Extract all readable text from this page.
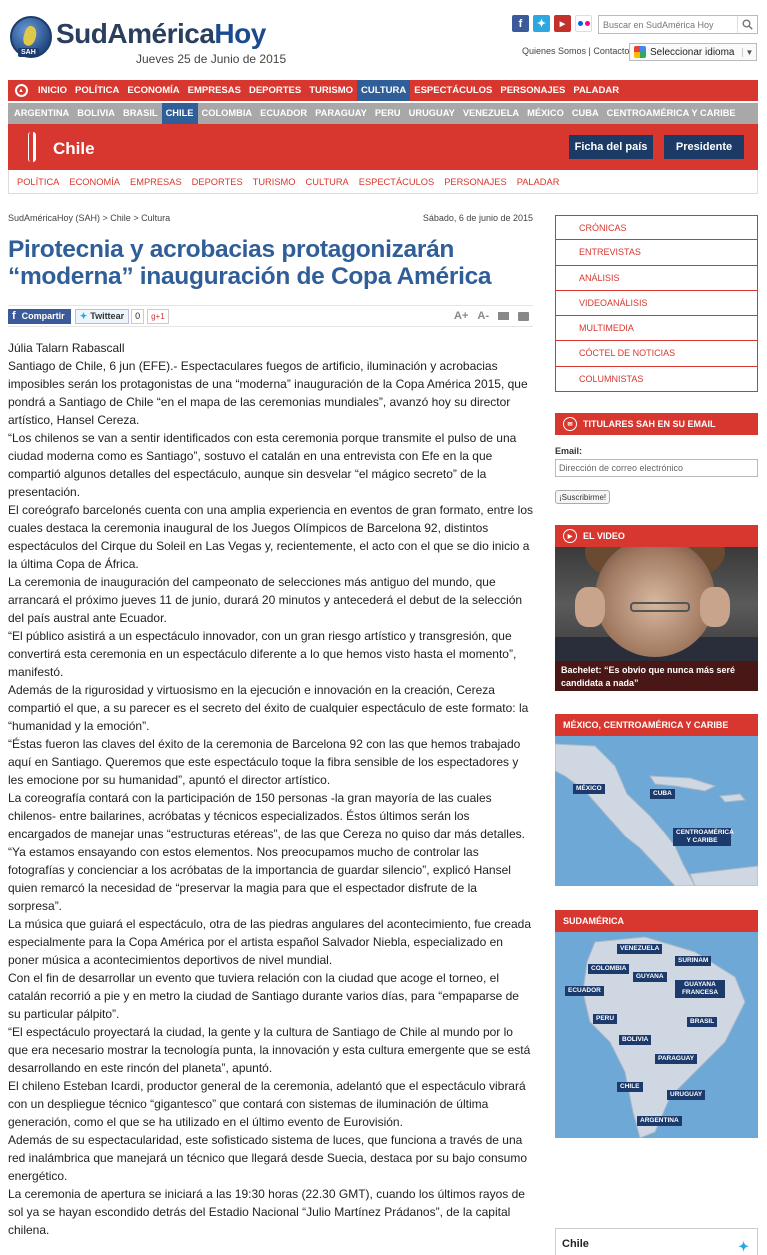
SAH
SudAméricaHoy
Jueves 25 de Junio de 2015
f	✦	▶
Buscar en SudAmérica Hoy
Quienes Somos | Contacto Seleccionar idioma	▼
▲	INICIO POLÍTICA ECONOMÍA EMPRESAS DEPORTES TURISMO CULTURA ESPECTÁCULOS PERSONAJES PALADAR
ARGENTINA BOLIVIA BRASIL CHILE COLOMBIA ECUADOR PARAGUAY PERU URUGUAY VENEZUELA MÉXICO CUBA CENTROAMÉRICA Y CARIBE
Chile	Ficha del país	Presidente
POLÍTICA ECONOMÍA EMPRESAS DEPORTES TURISMO CULTURA ESPECTÁCULOS PERSONAJES PALADAR
SudAméricaHoy (SAH) > Chile > Cultura	Sábado, 6 de junio de 2015
Pirotecnia y acrobacias protagonizarán “moderna” inauguración de Copa América
f Compartir ✦ Twittear	0	g+1	A+ A-

Júlia Talarn Rabascall

Santiago de Chile, 6 jun (EFE).- Espectaculares fuegos de artificio, iluminación y acrobacias imposibles serán los protagonistas de una “moderna” inauguración de la Copa América 2015, que pondrá a Santiago de Chile “en el mapa de las ceremonias mundiales”, avanzó hoy su director artístico, Hansel Cereza.

“Los chilenos se van a sentir identificados con esta ceremonia porque transmite el pulso de una ciudad moderna como es Santiago”, sostuvo el catalán en una entrevista con Efe en la que compartió algunos detalles del espectáculo, aunque sin desvelar “el mágico secreto” de la presentación.

El coreógrafo barcelonés cuenta con una amplia experiencia en eventos de gran formato, entre los cuales destaca la ceremonia inaugural de los Juegos Olímpicos de Barcelona 92, distintos espectáculos del Cirque du Soleil en Las Vegas y, recientemente, el acto con el que se dio inicio a la última Copa de África.

La ceremonia de inauguración del campeonato de selecciones más antiguo del mundo, que arrancará el próximo jueves 11 de junio, durará 20 minutos y antecederá el debut de la selección del país austral ante Ecuador.

“El público asistirá a un espectáculo innovador, con un gran riesgo artístico y transgresión, que convertirá esta ceremonia en un espectáculo diferente a lo que hemos visto hasta el momento”, manifestó.

Además de la rigurosidad y virtuosismo en la ejecución e innovación en la creación, Cereza compartió el que, a su parecer es el secreto del éxito de cualquier espectáculo de este formato: la “humanidad y la emoción”.

“Éstas fueron las claves del éxito de la ceremonia de Barcelona 92 con las que hemos trabajado aquí en Santiago. Queremos que este espectáculo toque la fibra sensible de los espectadores y les emocione por su humanidad”, apuntó el director artístico.

La coreografía contará con la participación de 150 personas -la gran mayoría de las cuales chilenos- entre bailarines, acróbatas y técnicos especializados. Éstos últimos serán los encargados de manejar unas “estructuras etéreas”, de las que Cereza no quiso dar más detalles.

“Ya estamos ensayando con estos elementos. Nos preocupamos mucho de controlar las fotografías y concienciar a los acróbatas de la importancia de guardar silencio”, explicó Hansel quien remarcó la necesidad de “preservar la magia para que el espectador disfrute de la sorpresa”.

La música que guiará el espectáculo, otra de las piedras angulares del acontecimiento, fue creada especialmente para la Copa América por el artista español Salvador Niebla, especializado en poner música a acontecimientos deportivos de nivel mundial.

Con el fin de desarrollar un evento que tuviera relación con la ciudad que acoge el torneo, el catalán recorrió a pie y en metro la ciudad de Santiago durante varios días, para “empaparse de su particular pálpito”.

“El espectáculo proyectará la ciudad, la gente y la cultura de Santiago de Chile al mundo por lo que era necesario mostrar la tecnología punta, la innovación y esta cultura emergente que se está desarrollando en este rincón del planeta”, apuntó.

El chileno Esteban Icardi, productor general de la ceremonia, adelantó que el espectáculo vibrará con un despliegue técnico “gigantesco” que contará con sistemas de iluminación de última generación, como el que se ha utilizado en el último evento de Eurovisión.

Además de su espectacularidad, este sofisticado sistema de luces, que funciona a través de una red inalámbrica que manejará un técnico que llegará desde Suecia, destaca por su bajo consumo energético.

La ceremonia de apertura se iniciará a las 19:30 horas (22.30 GMT), cuando los últimos rayos de sol ya se hayan escondido detrás del Estadio Nacional “Julio Martínez Prádanos”, de la capital chilena.

CRÓNICAS
ENTREVISTAS
ANÁLISIS
VIDEOANÁLISIS
MULTIMEDIA
CÓCTEL DE NOTICIAS
COLUMNISTAS
✉	TITULARES SAH EN SU EMAIL
Email:
Dirección de correo electrónico
¡Suscribirme!
▶	EL VIDEO
Bachelet: “Es obvio que nunca más seré candidata a nada”
MÉXICO, CENTROAMÉRICA Y CARIBE
MÉXICO
CUBA
CENTROAMÉRICA Y CARIBE
SUDAMÉRICA
VENEZUELA
SURINAM
COLOMBIA
GUYANA
GUAYANA FRANCESA
ECUADOR
BRASIL
PERU
BOLIVIA
PARAGUAY
CHILE
URUGUAY
ARGENTINA
Chile	✦
